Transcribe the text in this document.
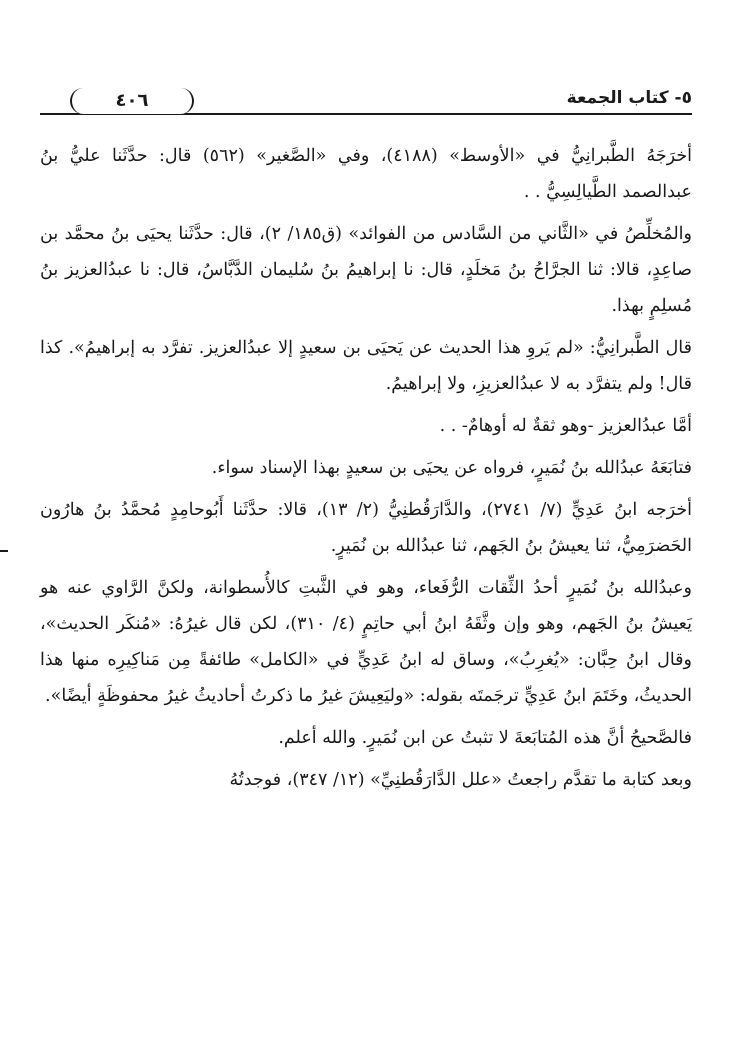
٤٠٦	٥- كتاب الجمعة

أخرَجَهُ الطَّبرانِيُّ في «الأوسط» (٤١٨٨)، وفي «الصَّغير» (٥٦٢) قال: حدَّثَنا عليُّ بنُ عبدالصمد الطَّيالِسِيُّ . .

والمُخلِّصُ في «الثَّاني من السَّادس من الفوائد» (ق١٨٥/ ٢)، قال: حدَّثَنا يحيَى بنُ محمَّد بن صاعِدٍ، قالا: ثنا الجرَّاحُ بنُ مَخلَدٍ، قال: نا إبراهيمُ بنُ سُليمان الدَّبَّاسُ، قال: نا عبدُالعزيز بنُ مُسلِمٍ بهذا.

قال الطَّبرانِيُّ: «لم يَروِ هذا الحديث عن يَحيَى بن سعيدٍ إلا عبدُالعزيز. تفرَّد به إبراهيمُ». كذا قال! ولم يتفرَّد به لا عبدُالعزيزِ، ولا إبراهيمُ.

أمَّا عبدُالعزيز -وهو ثقةٌ له أوهامٌ- . .

فتابَعَهُ عبدُالله بنُ نُمَيرٍ، فرواه عن يحيَى بن سعيدٍ بهذا الإسناد سواء.

أخرَجه ابنُ عَدِيٍّ (٧/ ٢٧٤١)، والدَّارَقُطنِيُّ (٢/ ١٣)، قالا: حدَّثَنا أَبُوحامِدٍ مُحمَّدُ بنُ هارُون الحَضرَمِيُّ، ثنا يعيشُ بنُ الجَهم، ثنا عبدُالله بن نُمَيرٍ.

وعبدُالله بنُ نُمَيرٍ أحدُ الثِّقات الرُّفَعاء، وهو في الثَّبتِ كالأُسطوانة، ولكنَّ الرَّاوي عنه هو يَعيشُ بنُ الجَهم، وهو وإن وثَّقَهُ ابنُ أبي حاتِمٍ (٤/ ٣١٠)، لكن قال غيرُهُ: «مُنكَر الحديث»، وقال ابنُ حِبَّان: «يُغرِبُ»، وساق له ابنُ عَدِيٍّ في «الكامل» طائفةً مِن مَناكِيرِه منها هذا الحديثُ، وخَتَمَ ابنُ عَدِيٍّ ترجَمتَه بقوله: «وليَعِيشَ غيرُ ما ذكرتُ أحاديثُ غيرُ محفوظَةٍ أيضًا».

فالصَّحيحُ أنَّ هذه المُتابَعةَ لا تثبتُ عن ابن نُمَيرٍ. والله أعلم.

وبعد كتابة ما تقدَّم راجعتُ «علل الدَّارَقُطنِيِّ» (١٢/ ٣٤٧)، فوجدتُهُ
